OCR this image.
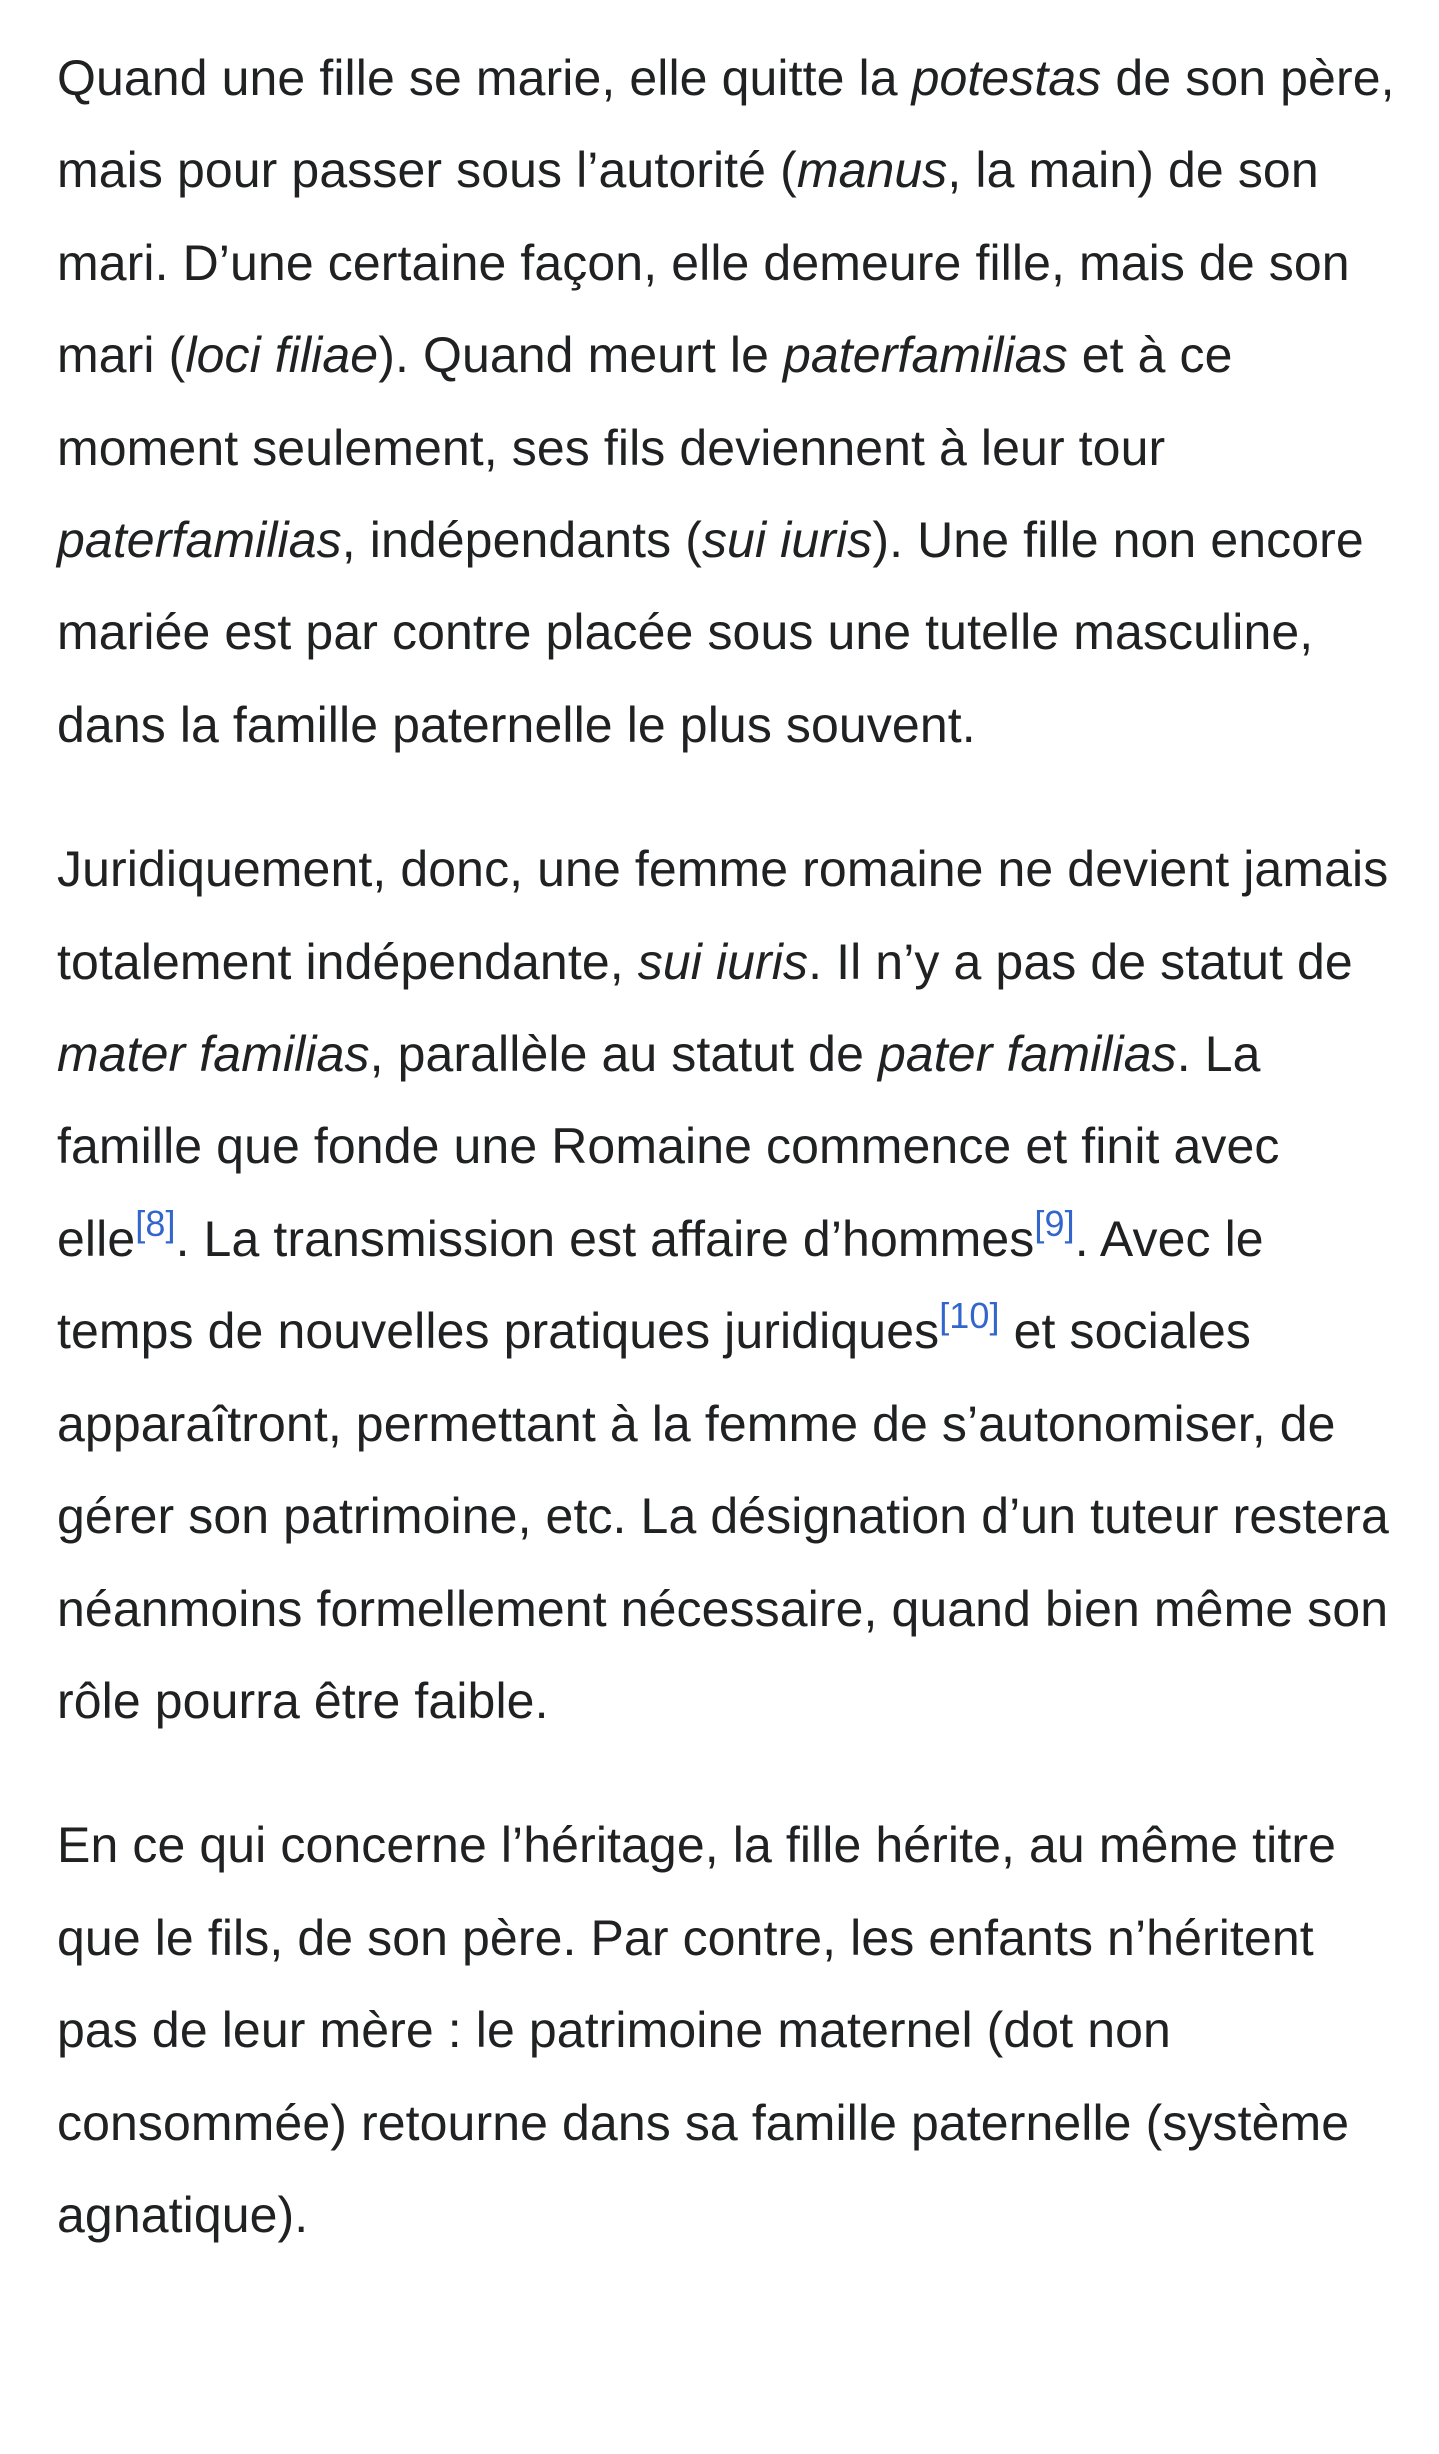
Quand une fille se marie, elle quitte la potestas de son père, mais pour passer sous l’autorité (manus, la main) de son mari. D’une certaine façon, elle demeure fille, mais de son mari (loci filiae). Quand meurt le paterfamilias et à ce moment seulement, ses fils deviennent à leur tour paterfamilias, indépendants (sui iuris). Une fille non encore mariée est par contre placée sous une tutelle masculine, dans la famille paternelle le plus souvent.

Juridiquement, donc, une femme romaine ne devient jamais totalement indépendante, sui iuris. Il n’y a pas de statut de mater familias, parallèle au statut de pater familias. La famille que fonde une Romaine commence et finit avec elle[8]. La transmission est affaire d’hommes[9]. Avec le temps de nouvelles pratiques juridiques[10] et sociales apparaîtront, permettant à la femme de s’autonomiser, de gérer son patrimoine, etc. La désignation d’un tuteur restera néanmoins formellement nécessaire, quand bien même son rôle pourra être faible.

En ce qui concerne l’héritage, la fille hérite, au même titre que le fils, de son père. Par contre, les enfants n’héritent pas de leur mère : le patrimoine maternel (dot non consommée) retourne dans sa famille paternelle (système agnatique).
